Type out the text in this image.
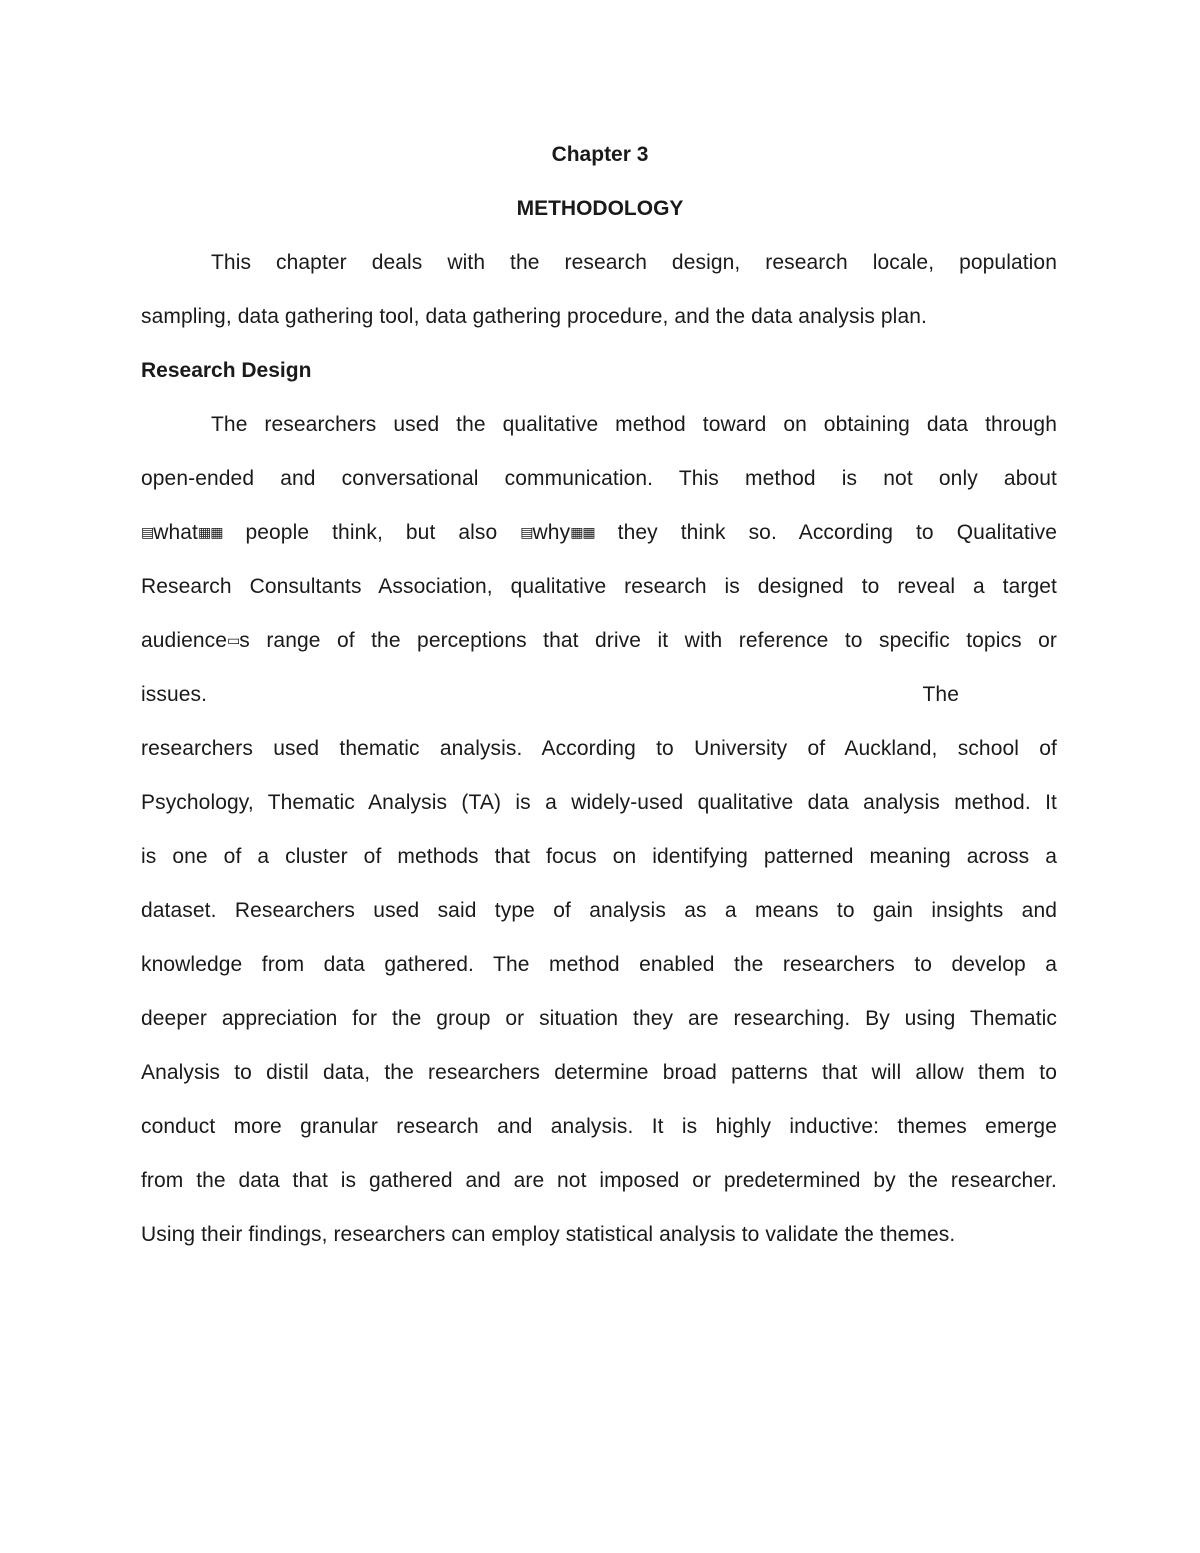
Chapter 3
METHODOLOGY
This chapter deals with the research design, research locale, population
sampling, data gathering tool, data gathering procedure, and the data analysis plan.
Research Design
The researchers used the qualitative method toward on obtaining data through
open-ended and conversational communication. This method is not only about
▤what▦▦ people think, but also ▤why▦▦ they think so. According to Qualitative
Research Consultants Association, qualitative research is designed to reveal a target
audience▭s range of the perceptions that drive it with reference to specific topics or
issues.	The
researchers used thematic analysis. According to University of Auckland, school of
Psychology, Thematic Analysis (TA) is a widely-used qualitative data analysis method. It
is one of a cluster of methods that focus on identifying patterned meaning across a
dataset. Researchers used said type of analysis as a means to gain insights and
knowledge from data gathered. The method enabled the researchers to develop a
deeper appreciation for the group or situation they are researching. By using Thematic
Analysis to distil data, the researchers determine broad patterns that will allow them to
conduct more granular research and analysis. It is highly inductive: themes emerge
from the data that is gathered and are not imposed or predetermined by the researcher.
Using their findings, researchers can employ statistical analysis to validate the themes.
